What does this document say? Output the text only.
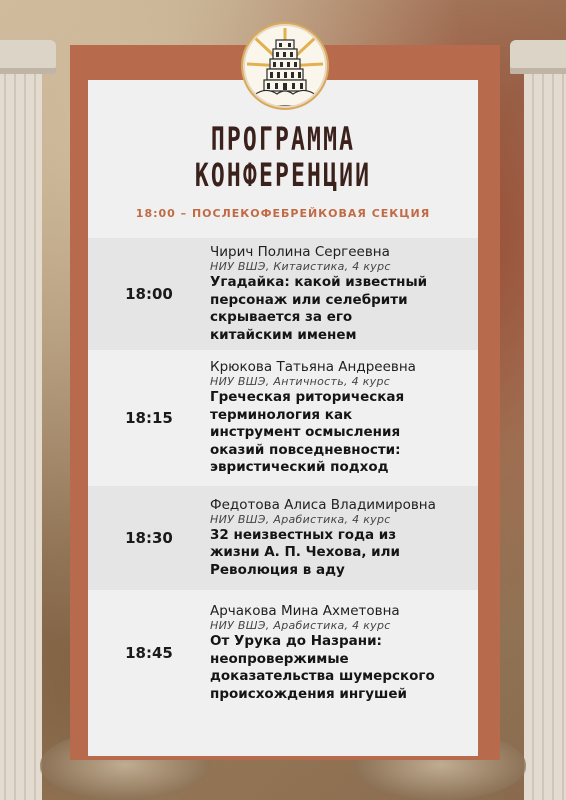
ПРОГРАММА
КОНФЕРЕНЦИИ
18:00 – ПОСЛЕКОФЕБРЕЙКОВАЯ СЕКЦИЯ
18:00
Чирич Полина Сергеевна
НИУ ВШЭ, Китаистика, 4 курс
Угадайка: какой известный
персонаж или селебрити
скрывается за его
китайским именем
18:15
Крюкова Татьяна Андреевна
НИУ ВШЭ, Античность, 4 курс
Греческая риторическая
терминология как
инструмент осмысления
оказий повседневности:
эвристический подход
18:30
Федотова Алиса Владимировна
НИУ ВШЭ, Арабистика, 4 курс
32 неизвестных года из
жизни А. П. Чехова, или
Революция в аду
18:45
Арчакова Мина Ахметовна
НИУ ВШЭ, Арабистика, 4 курс
От Урука до Назрани:
неопровержимые
доказательства шумерского
происхождения ингушей
3
